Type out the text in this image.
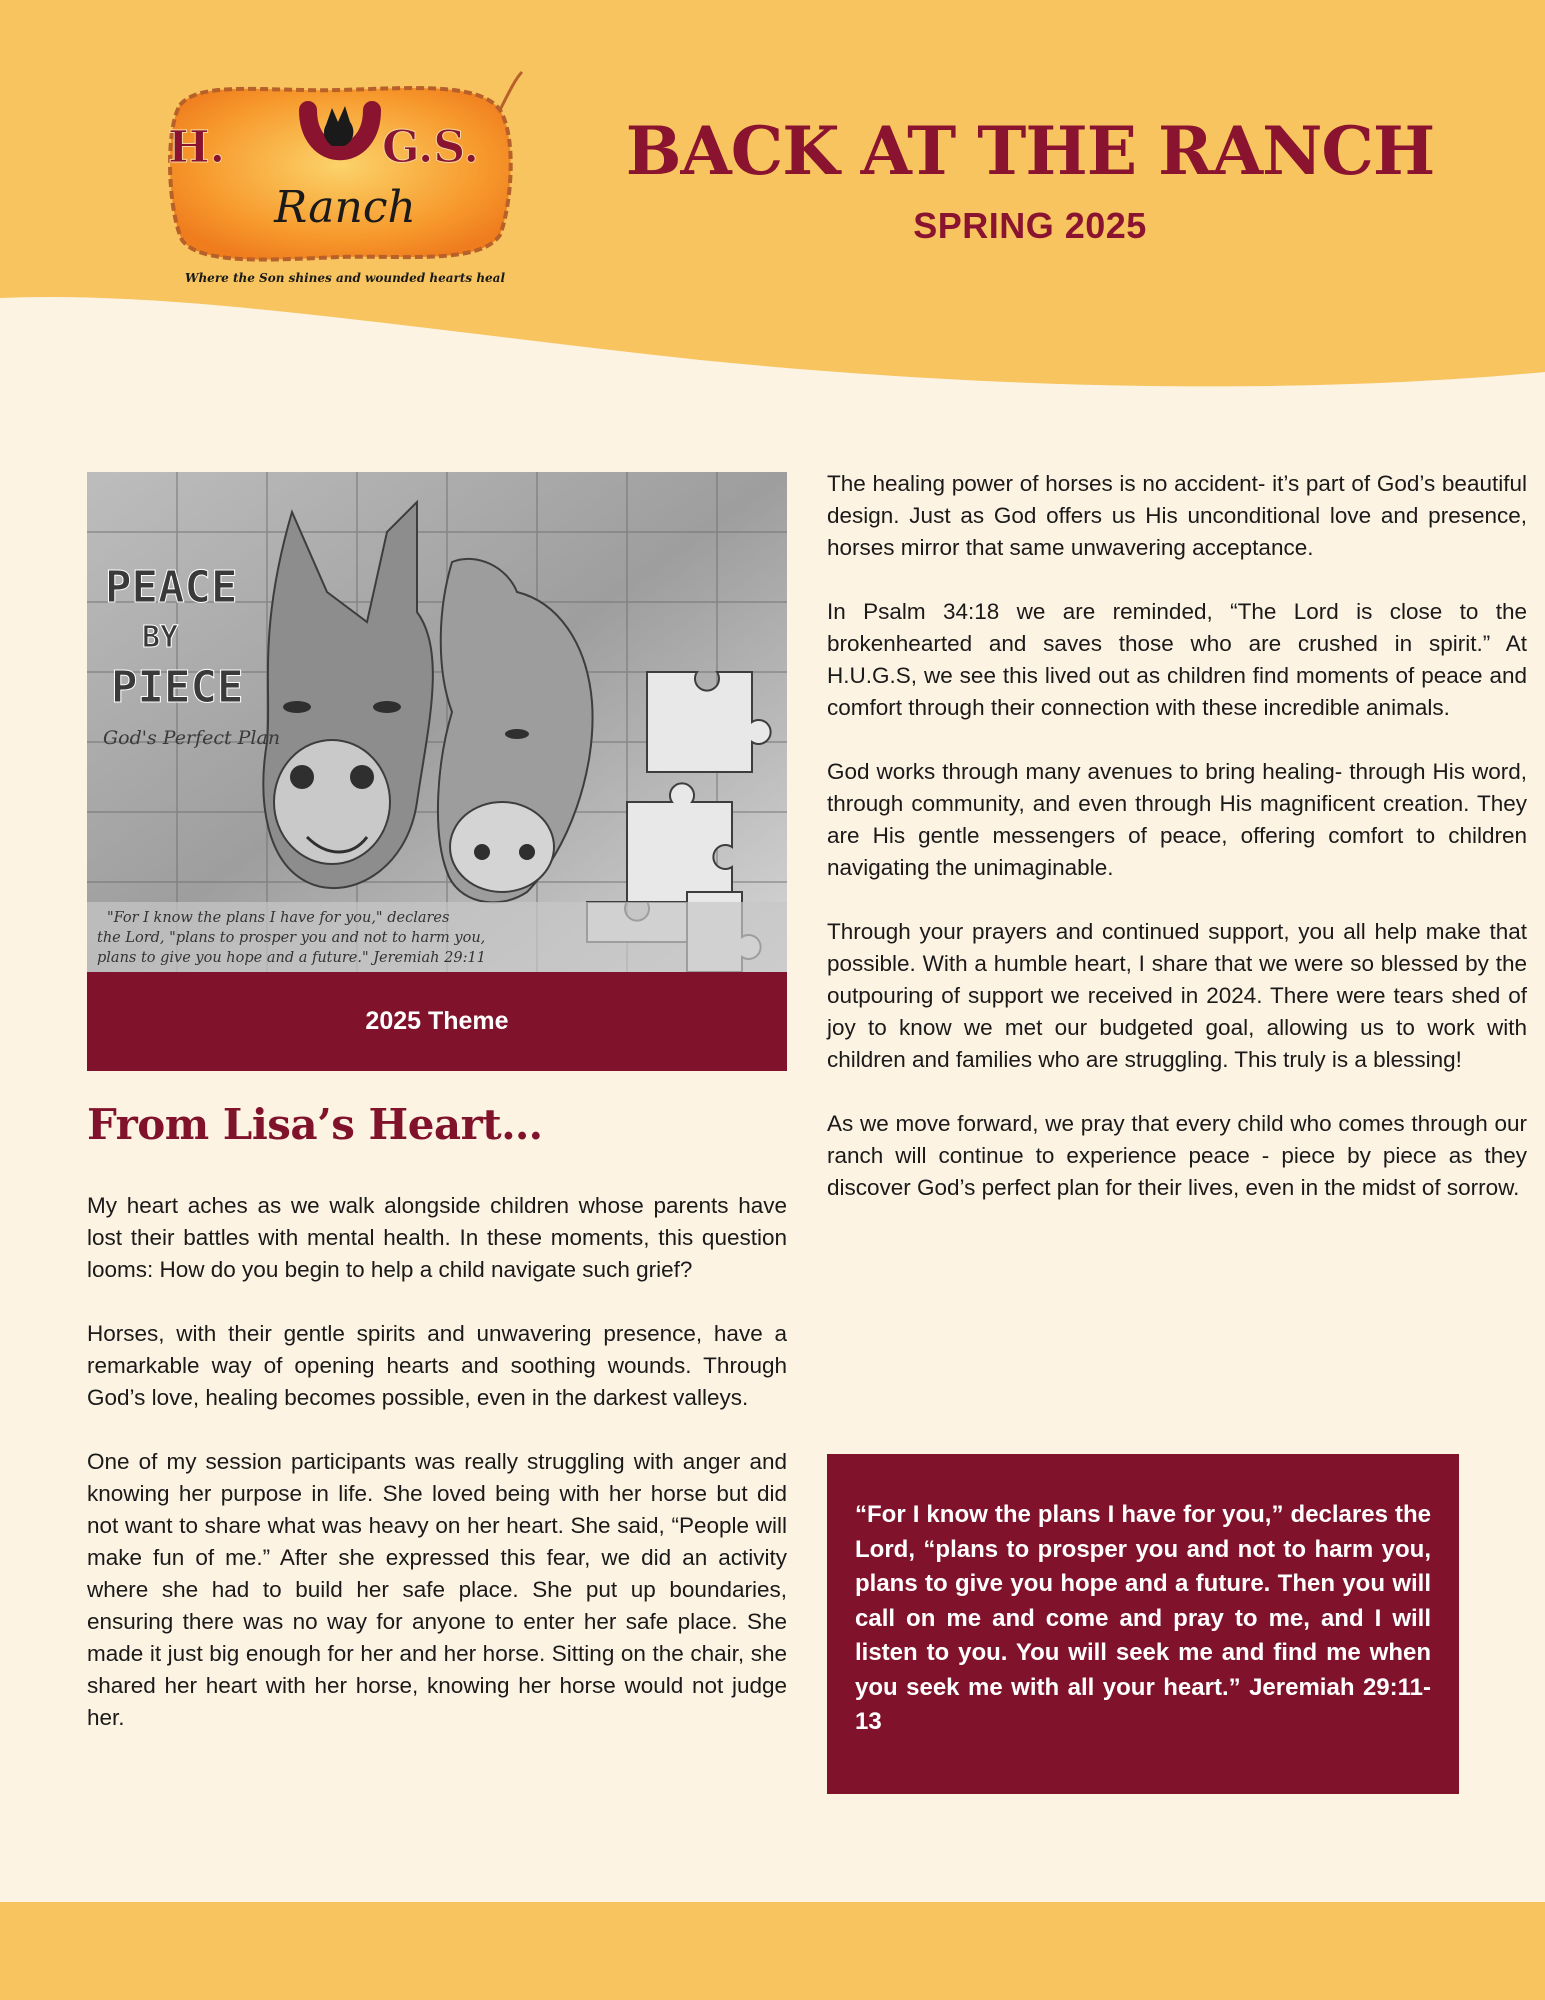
H.	G.S.
Ranch
Where the Son shines and wounded hearts heal
BACK AT THE RANCH
SPRING 2025
PEACE
BY
PIECE
God's Perfect Plan
"For I know the plans I have for you," declares
the Lord, "plans to prosper you and not to harm you,
plans to give you hope and a future." Jeremiah 29:11
2025 Theme
From Lisa’s Heart…

My heart aches as we walk alongside children whose parents have lost their battles with mental health. In these moments, this question looms: How do you begin to help a child navigate such grief?

Horses, with their gentle spirits and unwavering presence, have a remarkable way of opening hearts and soothing wounds. Through God’s love, healing becomes possible, even in the darkest valleys.

One of my session participants was really struggling with anger and knowing her purpose in life. She loved being with her horse but did not want to share what was heavy on her heart. She said, “People will make fun of me.” After she expressed this fear, we did an activity where she had to build her safe place. She put up boundaries, ensuring there was no way for anyone to enter her safe place. She made it just big enough for her and her horse. Sitting on the chair, she shared her heart with her horse, knowing her horse would not judge her.

The healing power of horses is no accident- it’s part of God’s beautiful design. Just as God offers us His unconditional love and presence, horses mirror that same unwavering acceptance.

In Psalm 34:18 we are reminded, “The Lord is close to the brokenhearted and saves those who are crushed in spirit.” At H.U.G.S, we see this lived out as children find moments of peace and comfort through their connection with these incredible animals.

God works through many avenues to bring healing- through His word, through community, and even through His magnificent creation. They are His gentle messengers of peace, offering comfort to children navigating the unimaginable.

Through your prayers and continued support, you all help make that possible. With a humble heart, I share that we were so blessed by the outpouring of support we received in 2024. There were tears shed of joy to know we met our budgeted goal, allowing us to work with children and families who are struggling. This truly is a blessing!

As we move forward, we pray that every child who comes through our ranch will continue to experience peace - piece by piece as they discover God’s perfect plan for their lives, even in the midst of sorrow.

“For I know the plans I have for you,” declares the Lord, “plans to prosper you and not to harm you, plans to give you hope and a future. Then you will call on me and come and pray to me, and I will listen to you. You will seek me and find me when you seek me with all your heart.” Jeremiah 29:11-13
